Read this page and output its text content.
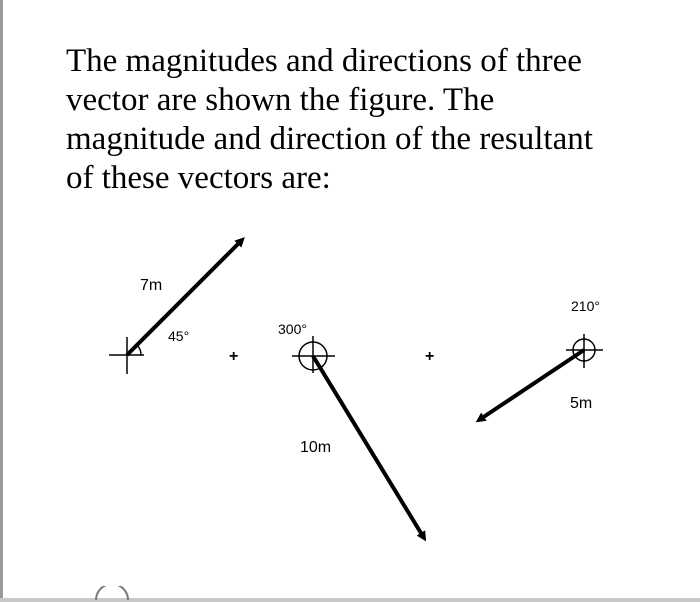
The magnitudes and directions of three
vector are shown the figure. The
magnitude and direction of the resultant
of these vectors are:
7m
45°
+
300°
10m
+
210°
5m
